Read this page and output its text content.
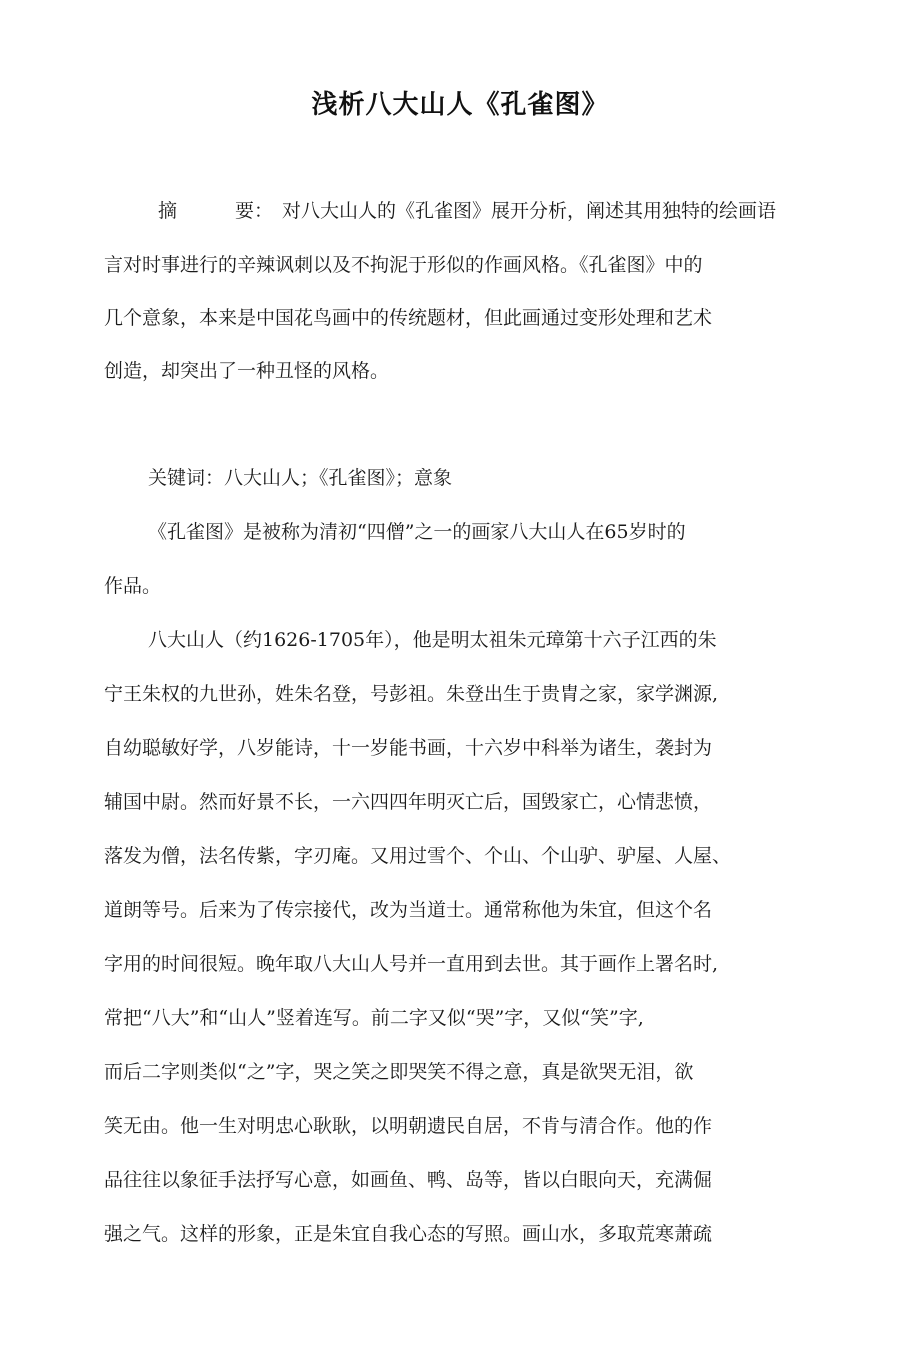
浅析八大山人《孔雀图》
摘	要： 对八大山人的《孔雀图》展开分析，阐述其用独特的绘画语
言对时事进行的辛辣讽刺以及不拘泥于形似的作画风格。《孔雀图》中的
几个意象，本来是中国花鸟画中的传统题材，但此画通过变形处理和艺术
创造，却突出了一种丑怪的风格。
关键词：八大山人；《孔雀图》；意象
《孔雀图》是被称为清初“四僧”之一的画家八大山人在65岁时的
作品。
八大山人（约1626-1705年），他是明太祖朱元璋第十六子江西的朱
宁王朱权的九世孙，姓朱名登，号彭祖。朱登出生于贵胄之家，家学渊源,
自幼聪敏好学，八岁能诗，十一岁能书画，十六岁中科举为诸生，袭封为
辅国中尉。然而好景不长，一六四四年明灭亡后，国毁家亡，心情悲愤，
落发为僧，法名传紫，字刃庵。又用过雪个、个山、个山驴、驴屋、人屋、
道朗等号。后来为了传宗接代，改为当道士。通常称他为朱宜，但这个名
字用的时间很短。晚年取八大山人号并一直用到去世。其于画作上署名时,
常把“八大”和“山人”竖着连写。前二字又似“哭”字，又似“笑”字,
而后二字则类似“之”字，哭之笑之即哭笑不得之意，真是欲哭无泪，欲
笑无由。他一生对明忠心耿耿，以明朝遗民自居，不肯与清合作。他的作
品往往以象征手法抒写心意，如画鱼、鸭、岛等，皆以白眼向天，充满倔
强之气。这样的形象，正是朱宜自我心态的写照。画山水，多取荒寒萧疏
